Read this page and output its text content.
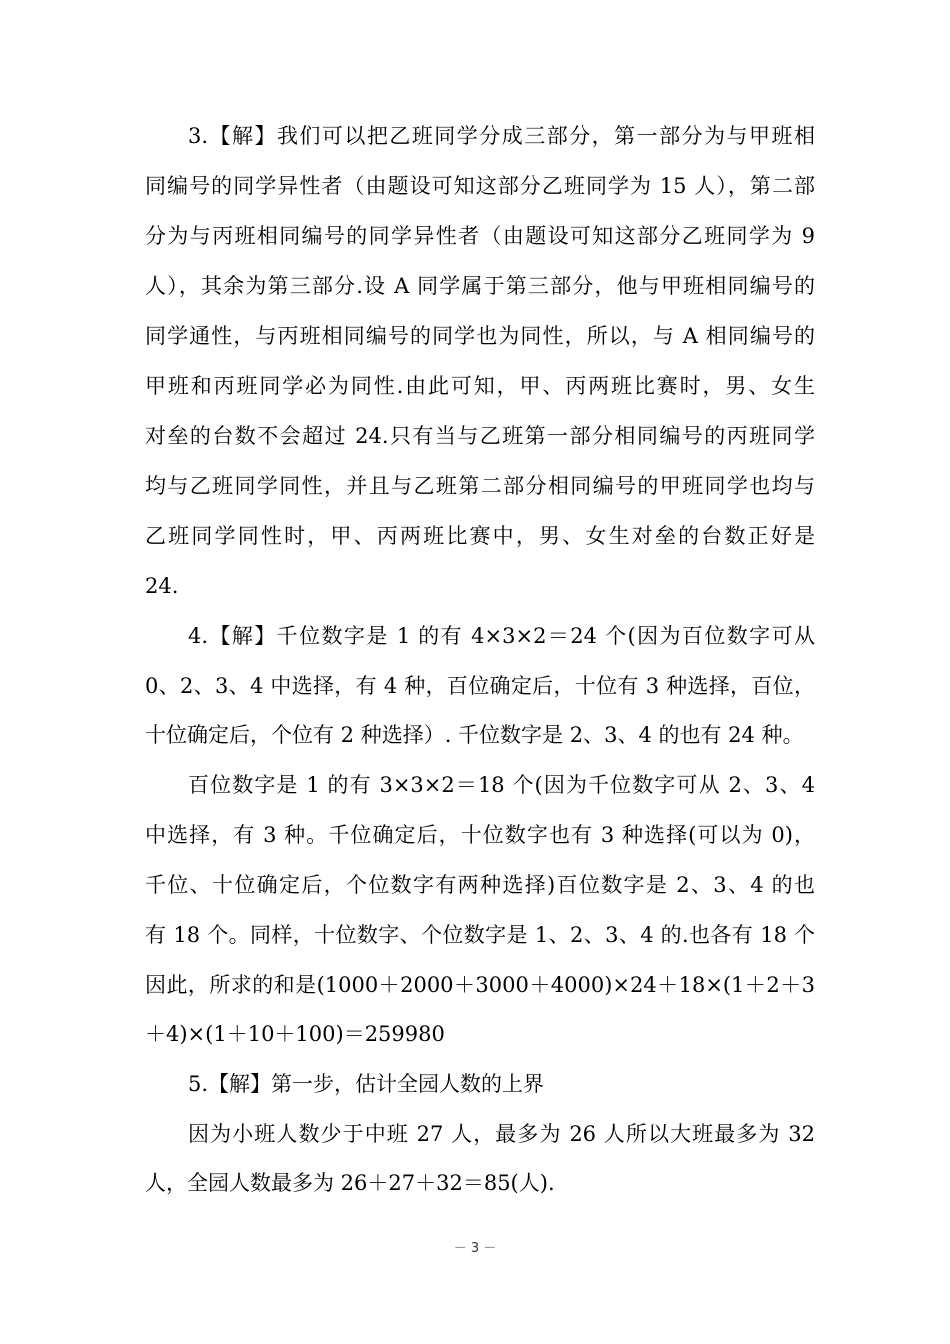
3.【解】我们可以把乙班同学分成三部分，第一部分为与甲班相
同编号的同学异性者（由题设可知这部分乙班同学为 15 人），第二部
分为与丙班相同编号的同学异性者（由题设可知这部分乙班同学为 9
人），其余为第三部分.设 A 同学属于第三部分，他与甲班相同编号的
同学通性，与丙班相同编号的同学也为同性，所以，与 A 相同编号的
甲班和丙班同学必为同性.由此可知，甲、丙两班比赛时，男、女生
对垒的台数不会超过 24.只有当与乙班第一部分相同编号的丙班同学
均与乙班同学同性，并且与乙班第二部分相同编号的甲班同学也均与
乙班同学同性时，甲、丙两班比赛中，男、女生对垒的台数正好是
24.
4.【解】千位数字是 1 的有 4×3×2＝24 个(因为百位数字可从
0、2、3、4 中选择，有 4 种，百位确定后，十位有 3 种选择，百位，
十位确定后，个位有 2 种选择）. 千位数字是 2、3、4 的也有 24 种。
百位数字是 1 的有 3×3×2＝18 个(因为千位数字可从 2、3、4
中选择，有 3 种。千位确定后，十位数字也有 3 种选择(可以为 0)，
千位、十位确定后，个位数字有两种选择)百位数字是 2、3、4 的也
有 18 个。同样，十位数字、个位数字是 1、2、3、4 的.也各有 18 个
因此，所求的和是(1000＋2000＋3000＋4000)×24＋18×(1＋2＋3
＋4)×(1＋10＋100)＝259980
5.【解】第一步，估计全园人数的上界
因为小班人数少于中班 27 人，最多为 26 人所以大班最多为 32
人，全园人数最多为 26＋27＋32＝85(人).
－ 3 －
